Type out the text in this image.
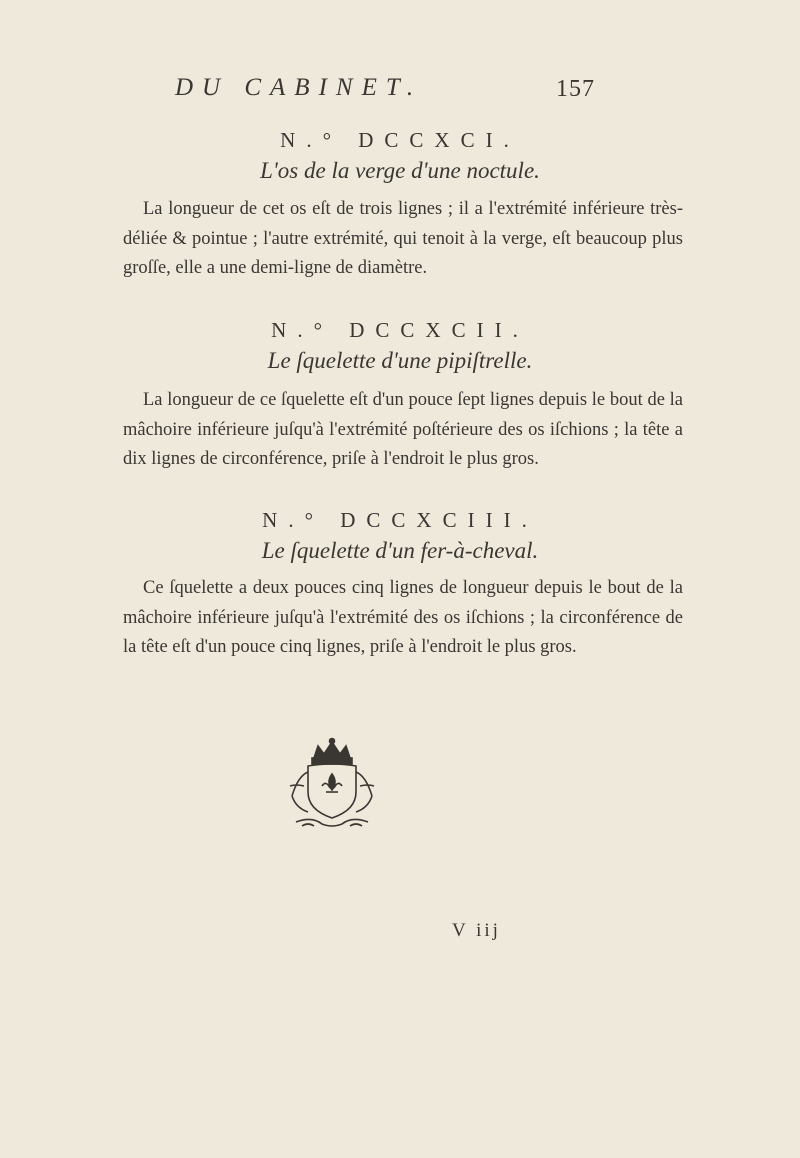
DU CABINET.	157
N.° DCCXCI.
L'os de la verge d'une noctule.
La longueur de cet os eſt de trois lignes ; il a l'extrémité inférieure très-déliée & pointue ; l'autre extrémité, qui tenoit à la verge, eſt beaucoup plus groſſe, elle a une demi-ligne de diamètre.
N.° DCCXCII.
Le ſquelette d'une pipiſtrelle.
La longueur de ce ſquelette eſt d'un pouce ſept lignes depuis le bout de la mâchoire inférieure juſqu'à l'extrémité poſtérieure des os iſchions ; la tête a dix lignes de circonférence, priſe à l'endroit le plus gros.
N.° DCCXCIII.
Le ſquelette d'un fer-à-cheval.
Ce ſquelette a deux pouces cinq lignes de longueur depuis le bout de la mâchoire inférieure juſqu'à l'extrémité des os iſchions ; la circonférence de la tête eſt d'un pouce cinq lignes, priſe à l'endroit le plus gros.
V iij
